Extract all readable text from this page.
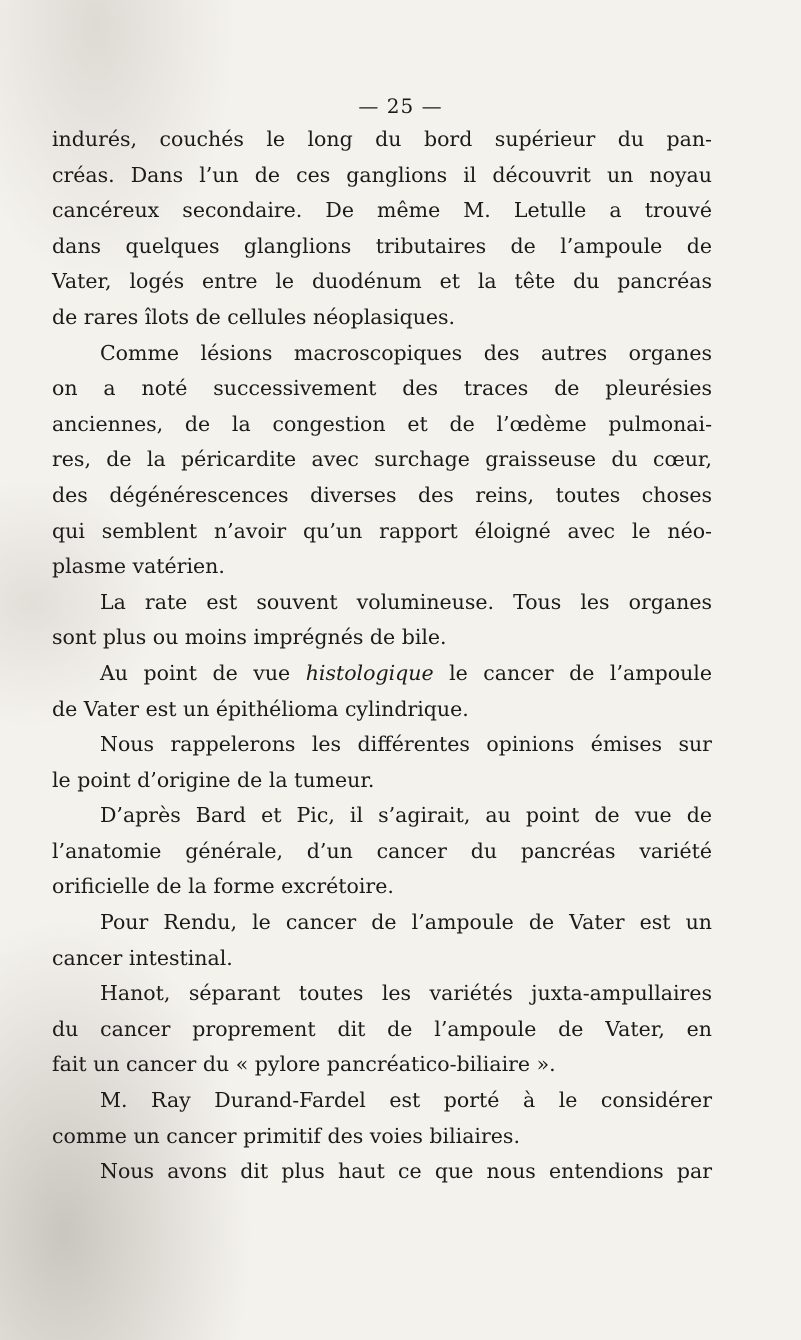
— 25 —
indurés, couchés le long du bord supérieur du pan-
créas. Dans l’un de ces ganglions il découvrit un noyau
cancéreux secondaire. De même M. Letulle a trouvé
dans quelques glanglions tributaires de l’ampoule de
Vater, logés entre le duodénum et la tête du pancréas
de rares îlots de cellules néoplasiques.
Comme lésions macroscopiques des autres organes
on a noté successivement des traces de pleurésies
anciennes, de la congestion et de l’œdème pulmonai-
res, de la péricardite avec surchage graisseuse du cœur,
des dégénérescences diverses des reins, toutes choses
qui semblent n’avoir qu’un rapport éloigné avec le néo-
plasme vatérien.
La rate est souvent volumineuse. Tous les organes
sont plus ou moins imprégnés de bile.
Au point de vue histologique le cancer de l’ampoule
de Vater est un épithélioma cylindrique.
Nous rappelerons les différentes opinions émises sur
le point d’origine de la tumeur.
D’après Bard et Pic, il s’agirait, au point de vue de
l’anatomie générale, d’un cancer du pancréas variété
orificielle de la forme excrétoire.
Pour Rendu, le cancer de l’ampoule de Vater est un
cancer intestinal.
Hanot, séparant toutes les variétés juxta-ampullaires
du cancer proprement dit de l’ampoule de Vater, en
fait un cancer du « pylore pancréatico-biliaire ».
M. Ray Durand-Fardel est porté à le considérer
comme un cancer primitif des voies biliaires.
Nous avons dit plus haut ce que nous entendions par
